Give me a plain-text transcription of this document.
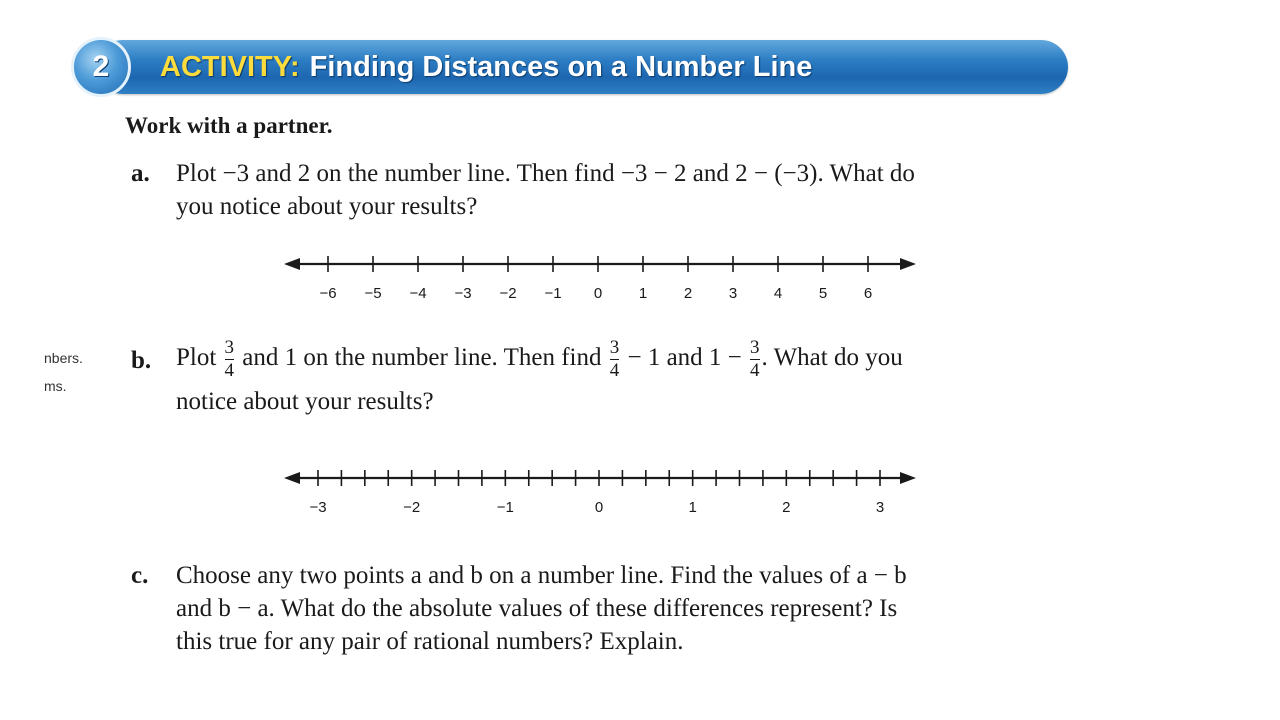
2	ACTIVITY: Finding Distances on a Number Line
Work with a partner.
nbers.
ms.
a. Plot −3 and 2 on the number line. Then find −3 − 2 and 2 − (−3). What do
you notice about your results?
−6 −5 −4 −3 −2 −1 0 1 2 3 4 5 6
b. Plot $\frac{3}{4}$ and 1 on the number line. Then find $\frac{3}{4} - 1$ and $1 - \frac{3}{4}$ . What do you
notice about your results?
−3	−2	−1	0	1	2	3
c. Choose any two points a and b on a number line. Find the values of a − b
and b − a. What do the absolute values of these differences represent? Is
this true for any pair of rational numbers? Explain.
